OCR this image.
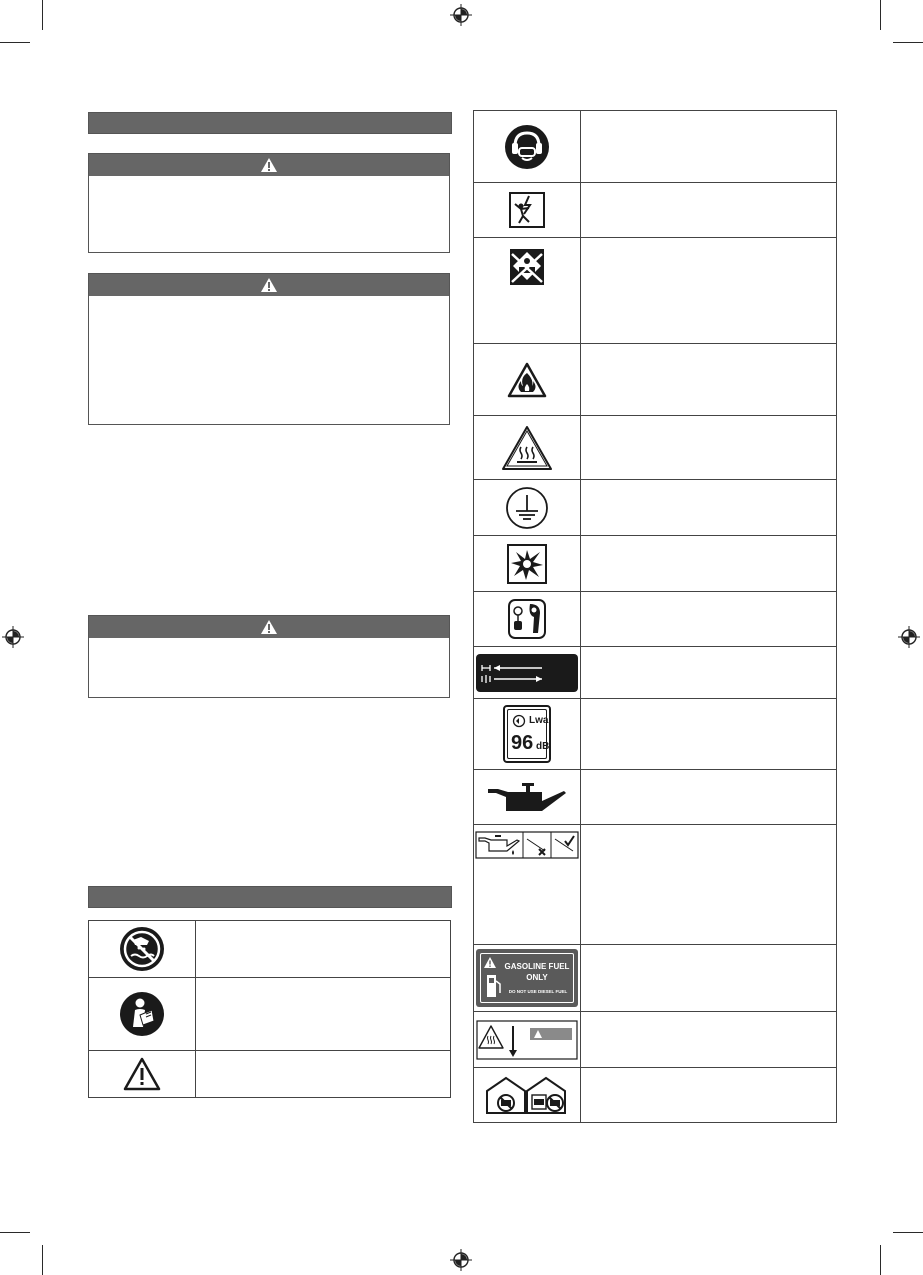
Lwa
96 dB	

GASOLINE FUEL
ONLY
DO NOT USE DIESEL FUEL	
